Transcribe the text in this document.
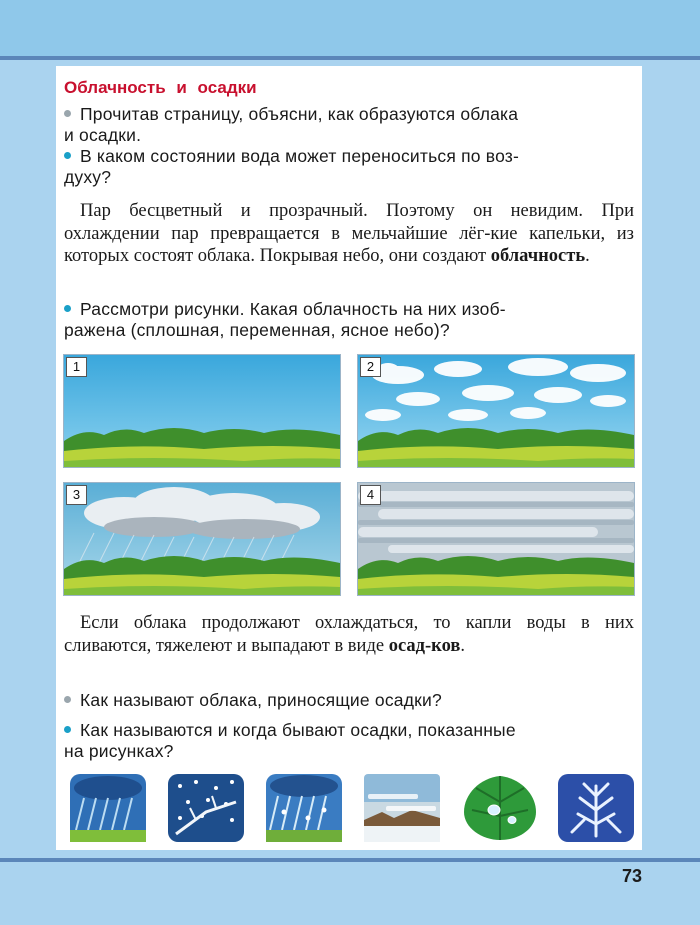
Облачность и осадки
Прочитав страницу, объясни, как образуются облака
и осадки.
В каком состоянии вода может переноситься по воз-
духу?
Пар бесцветный и прозрачный. Поэтому он невидим. При охлаждении пар превращается в мельчайшие лёг-кие капельки, из которых состоят облака. Покрывая небо, они создают облачность.
Рассмотри рисунки. Какая облачность на них изоб-
ражена (сплошная, переменная, ясное небо)?
1	2
3	4
Если облака продолжают охлаждаться, то капли воды в них сливаются, тяжелеют и выпадают в виде осад-ков.
Как называют облака, приносящие осадки?
Как называются и когда бывают осадки, показанные
на рисунках?
73
